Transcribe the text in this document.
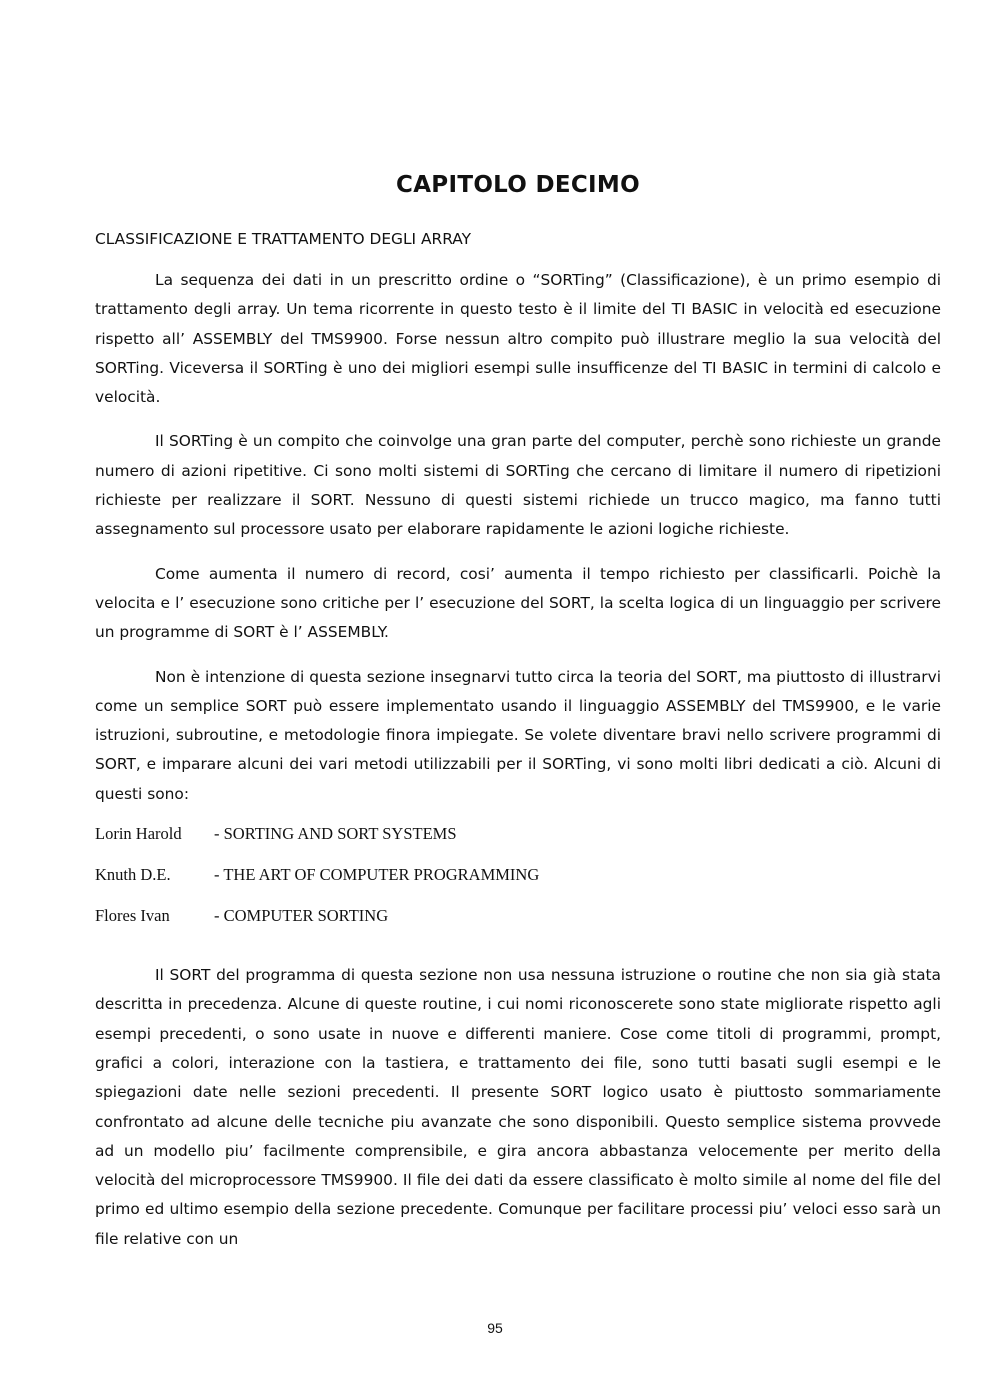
CAPITOLO DECIMO
CLASSIFICAZIONE E TRATTAMENTO DEGLI ARRAY

La sequenza dei dati in un prescritto ordine o “SORTing” (Classificazione), è un primo esempio di trattamento degli array. Un tema ricorrente in questo testo è il limite del TI BASIC in velocità ed esecuzione rispetto all’ ASSEMBLY del TMS9900. Forse nessun altro compito può illustrare meglio la sua velocità del SORTing. Viceversa il SORTing è uno dei migliori esempi sulle insufficenze del TI BASIC in termini di calcolo e velocità.

Il SORTing è un compito che coinvolge una gran parte del computer, perchè sono richieste un grande numero di azioni ripetitive. Ci sono molti sistemi di SORTing che cercano di limitare il numero di ripetizioni richieste per realizzare il SORT. Nessuno di questi sistemi richiede un trucco magico, ma fanno tutti assegnamento sul processore usato per elaborare rapidamente le azioni logiche richieste.

Come aumenta il numero di record, cosi’ aumenta il tempo richiesto per classificarli. Poichè la velocita e l’ esecuzione sono critiche per l’ esecuzione del SORT, la scelta logica di un linguaggio per scrivere un programme di SORT è l’ ASSEMBLY.

Non è intenzione di questa sezione insegnarvi tutto circa la teoria del SORT, ma piuttosto di illustrarvi come un semplice SORT può essere implementato usando il linguaggio ASSEMBLY del TMS9900, e le varie istruzioni, subroutine, e metodologie finora impiegate. Se volete diventare bravi nello scrivere programmi di SORT, e imparare alcuni dei vari metodi utilizzabili per il SORTing, vi sono molti libri dedicati a ciò. Alcuni di questi sono:

Lorin Harold	- SORTING AND SORT SYSTEMS
Knuth D.E.	- THE ART OF COMPUTER PROGRAMMING
Flores Ivan	- COMPUTER SORTING

Il SORT del programma di questa sezione non usa nessuna istruzione o routine che non sia già stata descritta in precedenza. Alcune di queste routine, i cui nomi riconoscerete sono state migliorate rispetto agli esempi precedenti, o sono usate in nuove e differenti maniere. Cose come titoli di programmi, prompt, grafici a colori, interazione con la tastiera, e trattamento dei file, sono tutti basati sugli esempi e le spiegazioni date nelle sezioni precedenti. Il presente SORT logico usato è piuttosto sommariamente confrontato ad alcune delle tecniche piu avanzate che sono disponibili. Questo semplice sistema provvede ad un modello piu’ facilmente comprensibile, e gira ancora abbastanza velocemente per merito della velocità del microprocessore TMS9900. Il file dei dati da essere classificato è molto simile al nome del file del primo ed ultimo esempio della sezione precedente. Comunque per facilitare processi piu’ veloci esso sarà un file relative con un

95
